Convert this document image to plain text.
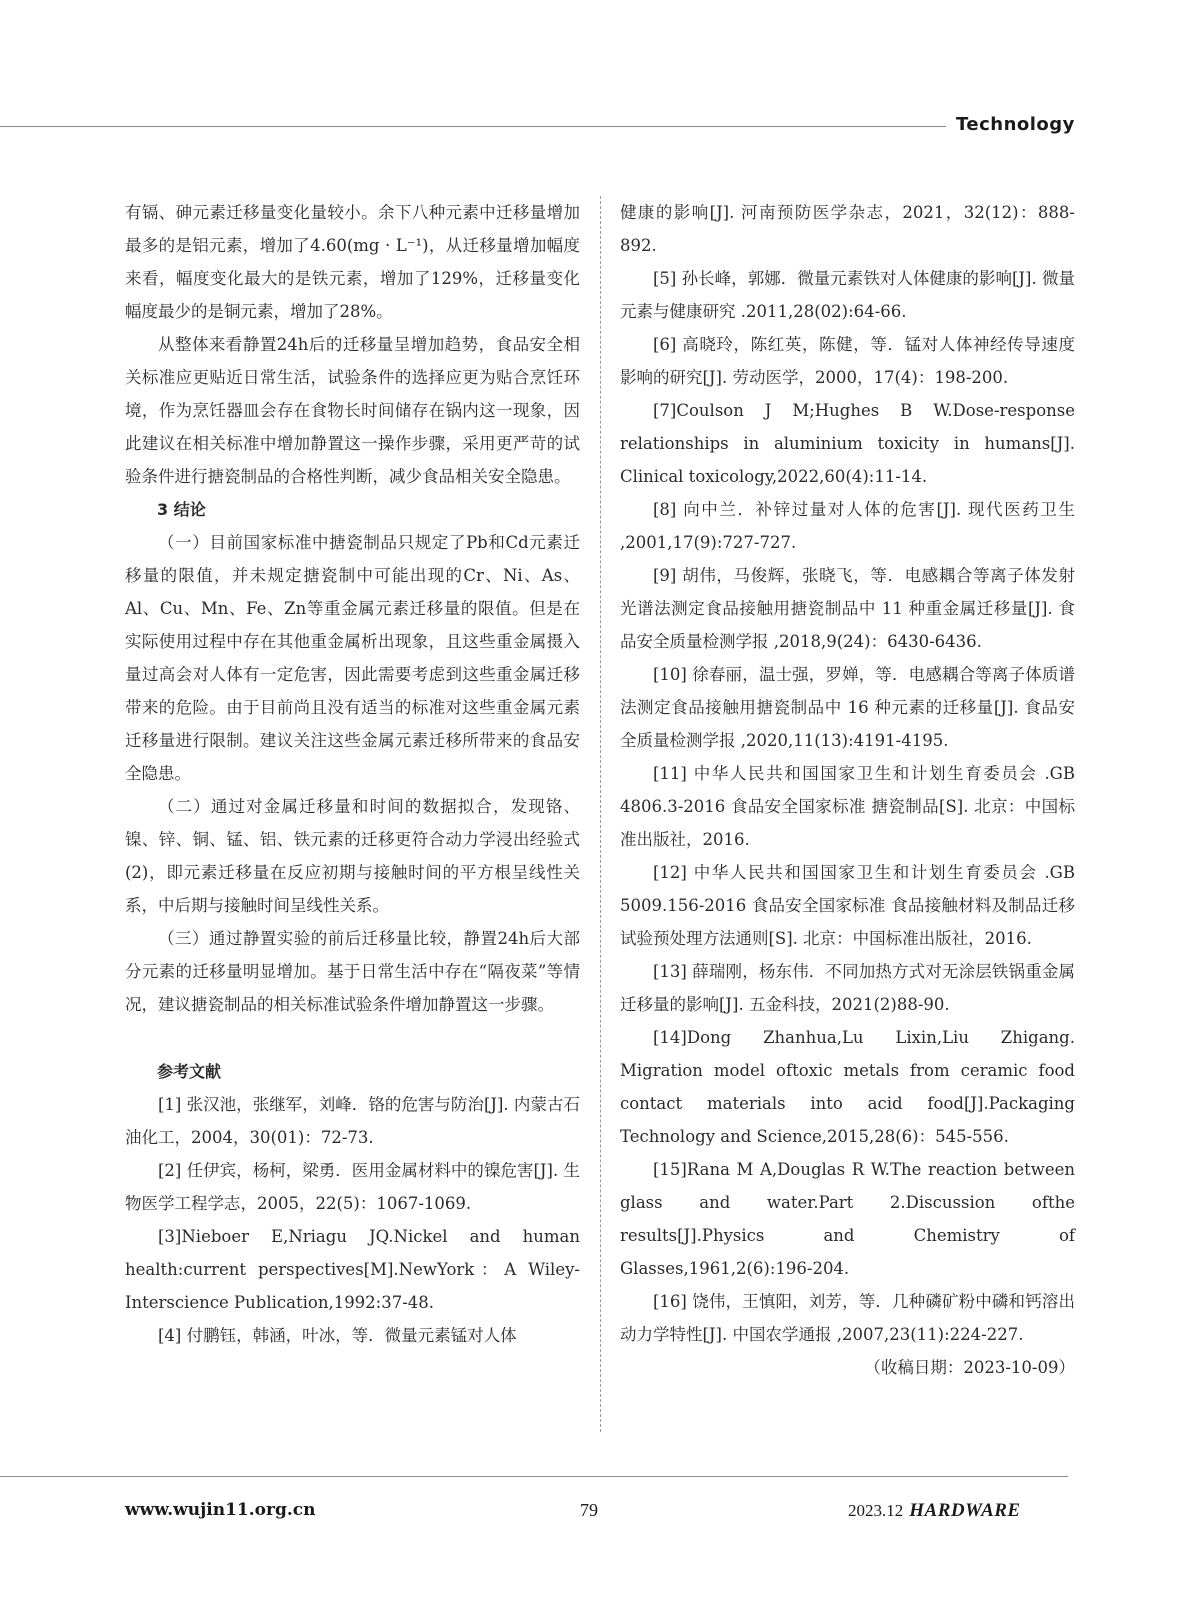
Technology

有镉、砷元素迁移量变化量较小。余下八种元素中迁移量增加最多的是铝元素，增加了4.60(mg · L⁻¹)，从迁移量增加幅度来看，幅度变化最大的是铁元素，增加了129%，迁移量变化幅度最少的是铜元素，增加了28%。

从整体来看静置24h后的迁移量呈增加趋势，食品安全相关标准应更贴近日常生活，试验条件的选择应更为贴合烹饪环境，作为烹饪器皿会存在食物长时间储存在锅内这一现象，因此建议在相关标准中增加静置这一操作步骤，采用更严苛的试验条件进行搪瓷制品的合格性判断，减少食品相关安全隐患。

3 结论

（一）目前国家标准中搪瓷制品只规定了Pb和Cd元素迁移量的限值，并未规定搪瓷制中可能出现的Cr、Ni、As、Al、Cu、Mn、Fe、Zn等重金属元素迁移量的限值。但是在实际使用过程中存在其他重金属析出现象，且这些重金属摄入量过高会对人体有一定危害，因此需要考虑到这些重金属迁移带来的危险。由于目前尚且没有适当的标准对这些重金属元素迁移量进行限制。建议关注这些金属元素迁移所带来的食品安全隐患。

（二）通过对金属迁移量和时间的数据拟合，发现铬、镍、锌、铜、锰、铝、铁元素的迁移更符合动力学浸出经验式(2)，即元素迁移量在反应初期与接触时间的平方根呈线性关系，中后期与接触时间呈线性关系。

（三）通过静置实验的前后迁移量比较，静置24h后大部分元素的迁移量明显增加。基于日常生活中存在“隔夜菜”等情况，建议搪瓷制品的相关标准试验条件增加静置这一步骤。

参考文献

[1] 张汉池，张继军，刘峰．铬的危害与防治[J]. 内蒙古石油化工，2004，30(01)：72-73.

[2] 任伊宾，杨柯，梁勇．医用金属材料中的镍危害[J]. 生物医学工程学志，2005，22(5)：1067-1069.

[3]Nieboer E,Nriagu JQ.Nickel and human health:current perspectives[M].NewYork：A Wiley-Interscience Publication,1992:37-48.

[4] 付鹏钰，韩涵，叶冰，等．微量元素锰对人体

健康的影响[J]. 河南预防医学杂志，2021，32(12)：888-892.

[5] 孙长峰，郭娜．微量元素铁对人体健康的影响[J]. 微量元素与健康研究 .2011,28(02):64-66.

[6] 高晓玲，陈红英，陈健，等．锰对人体神经传导速度影响的研究[J]. 劳动医学，2000，17(4)：198-200.

[7]Coulson J M;Hughes B W.Dose-response relationships in aluminium toxicity in humans[J]. Clinical toxicology,2022,60(4):11-14.

[8] 向中兰．补锌过量对人体的危害[J]. 现代医药卫生 ,2001,17(9):727-727.

[9] 胡伟，马俊辉，张晓飞，等．电感耦合等离子体发射光谱法测定食品接触用搪瓷制品中 11 种重金属迁移量[J]. 食品安全质量检测学报 ,2018,9(24)：6430-6436.

[10] 徐春丽，温士强，罗婵，等．电感耦合等离子体质谱法测定食品接触用搪瓷制品中 16 种元素的迁移量[J]. 食品安全质量检测学报 ,2020,11(13):4191-4195.

[11] 中华人民共和国国家卫生和计划生育委员会 .GB 4806.3-2016 食品安全国家标准 搪瓷制品[S]. 北京：中国标准出版社，2016.

[12] 中华人民共和国国家卫生和计划生育委员会 .GB 5009.156-2016 食品安全国家标准 食品接触材料及制品迁移试验预处理方法通则[S]. 北京：中国标准出版社，2016.

[13] 薛瑞刚，杨东伟．不同加热方式对无涂层铁锅重金属迁移量的影响[J]. 五金科技，2021(2)88-90.

[14]Dong Zhanhua,Lu Lixin,Liu Zhigang. Migration model oftoxic metals from ceramic food contact materials into acid food[J].Packaging Technology and Science,2015,28(6)：545-556.

[15]Rana M A,Douglas R W.The reaction between glass and water.Part 2.Discussion ofthe results[J].Physics and Chemistry of Glasses,1961,2(6):196-204.

[16] 饶伟，王慎阳，刘芳，等．几种磷矿粉中磷和钙溶出动力学特性[J]. 中国农学通报 ,2007,23(11):224-227.
（收稿日期：2023-10-09）

www.wujin11.org.cn	79	2023.12 HARDWARE
